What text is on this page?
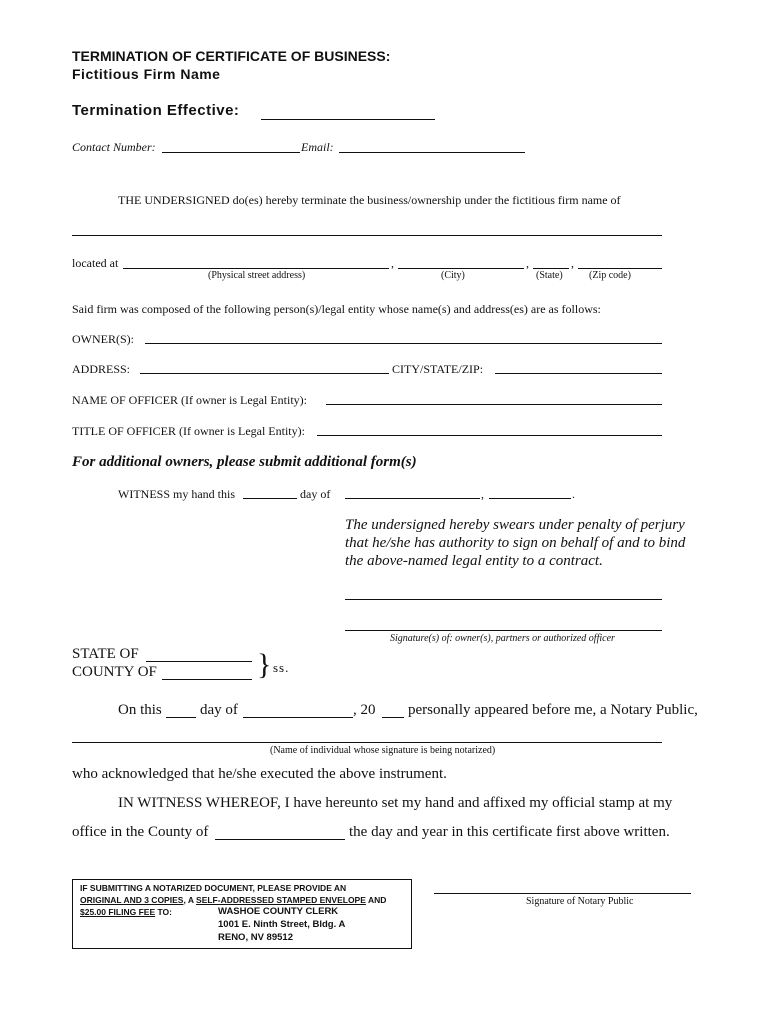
TERMINATION OF CERTIFICATE OF BUSINESS:
Fictitious Firm Name
Termination Effective:
Contact Number:	Email:
THE UNDERSIGNED do(es) hereby terminate the business/ownership under the fictitious firm name of
located at	,	,	,
(Physical street address)	(City)	(State)	(Zip code)
Said firm was composed of the following person(s)/legal entity whose name(s) and address(es) are as follows:
OWNER(S):
ADDRESS:	CITY/STATE/ZIP:
NAME OF OFFICER (If owner is Legal Entity):
TITLE OF OFFICER (If owner is Legal Entity):
For additional owners, please submit additional form(s)
WITNESS my hand this	day of	,	.
The undersigned hereby swears under penalty of perjury
that he/she has authority to sign on behalf of and to bind
the above-named legal entity to a contract.
Signature(s) of: owner(s), partners or authorized officer
STATE OF
COUNTY OF	} ss.
On this	day of	, 20 personally appeared before me, a Notary Public,
(Name of individual whose signature is being notarized)
who acknowledged that he/she executed the above instrument.
IN WITNESS WHEREOF, I have hereunto set my hand and affixed my official stamp at my
office in the County of	the day and year in this certificate first above written.
IF SUBMITTING A NOTARIZED DOCUMENT, PLEASE PROVIDE AN
ORIGINAL AND 3 COPIES, A SELF-ADDRESSED STAMPED ENVELOPE AND
$25.00 FILING FEE TO:	WASHOE COUNTY CLERK
1001 E. Ninth Street, Bldg. A
RENO, NV 89512
Signature of Notary Public
